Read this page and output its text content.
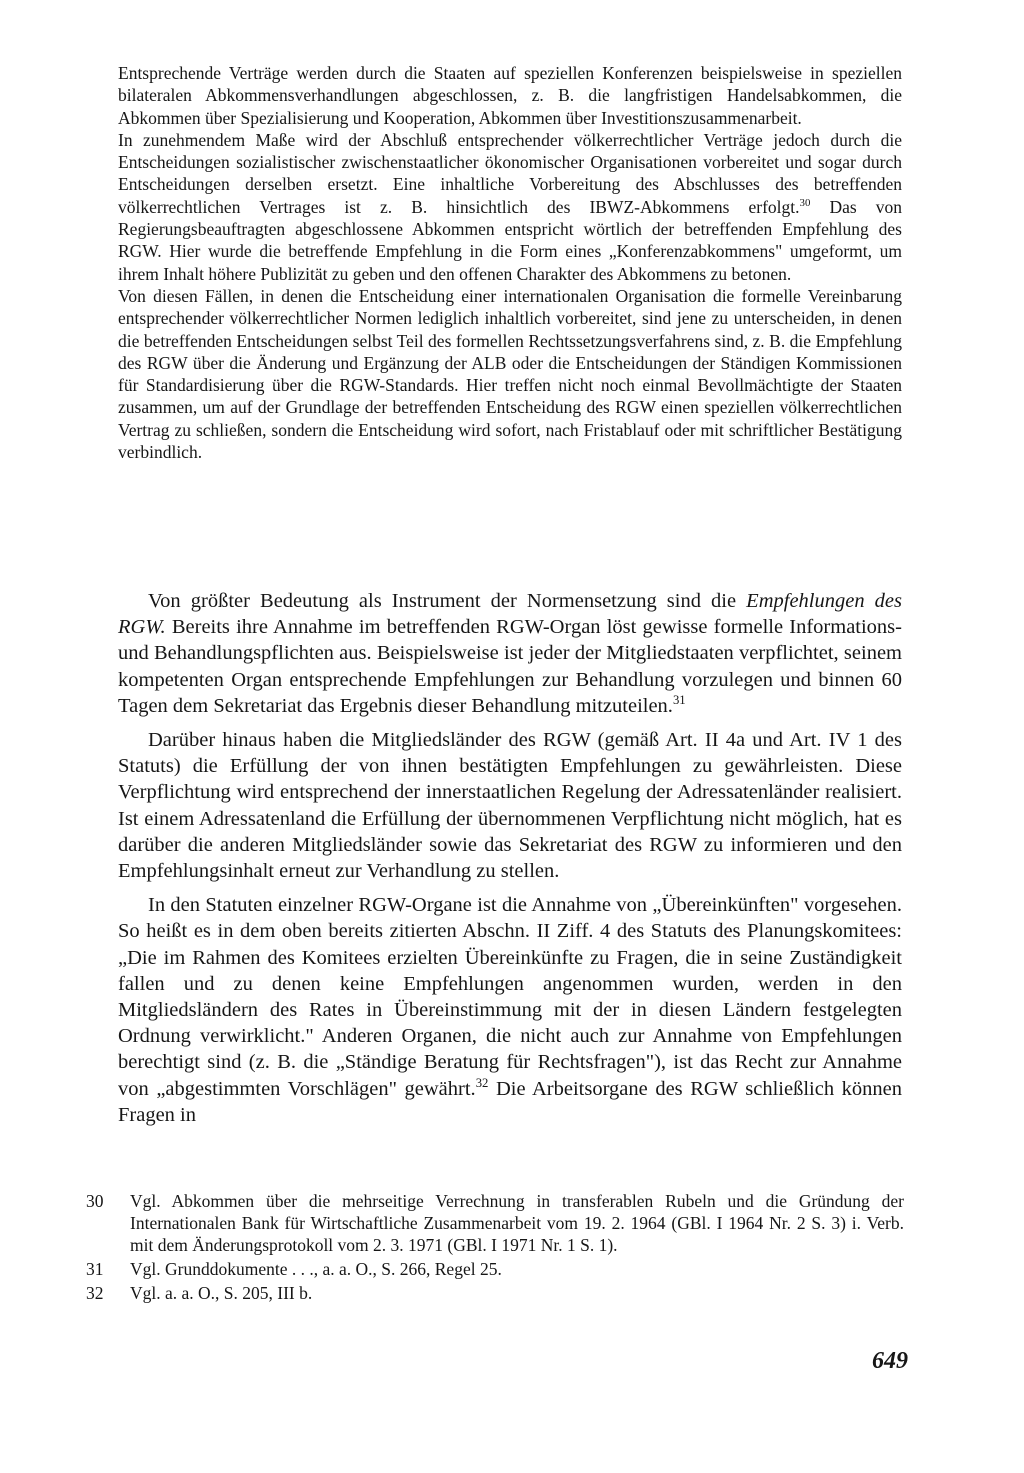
Entsprechende Verträge werden durch die Staaten auf speziellen Konferenzen beispielsweise in speziellen bilateralen Abkommensverhandlungen abgeschlossen, z. B. die langfristigen Handelsabkommen, die Abkommen über Spezialisierung und Kooperation, Abkommen über Investitionszusammenarbeit.

In zunehmendem Maße wird der Abschluß entsprechender völkerrechtlicher Verträge jedoch durch die Entscheidungen sozialistischer zwischenstaatlicher ökonomischer Organisationen vorbereitet und sogar durch Entscheidungen derselben ersetzt. Eine inhaltliche Vorbereitung des Abschlusses des betreffenden völkerrechtlichen Vertrages ist z. B. hinsichtlich des IBWZ-Abkommens erfolgt.$^{30}$ Das von Regierungsbeauftragten abgeschlossene Abkommen entspricht wörtlich der betreffenden Empfehlung des RGW. Hier wurde die betreffende Empfehlung in die Form eines „Konferenzabkommens" umgeformt, um ihrem Inhalt höhere Publizität zu geben und den offenen Charakter des Abkommens zu betonen.

Von diesen Fällen, in denen die Entscheidung einer internationalen Organisation die formelle Vereinbarung entsprechender völkerrechtlicher Normen lediglich inhaltlich vorbereitet, sind jene zu unterscheiden, in denen die betreffenden Entscheidungen selbst Teil des formellen Rechtssetzungsverfahrens sind, z. B. die Empfehlung des RGW über die Änderung und Ergänzung der ALB oder die Entscheidungen der Ständigen Kommissionen für Standardisierung über die RGW-Standards. Hier treffen nicht noch einmal Bevollmächtigte der Staaten zusammen, um auf der Grundlage der betreffenden Entscheidung des RGW einen speziellen völkerrechtlichen Vertrag zu schließen, sondern die Entscheidung wird sofort, nach Fristablauf oder mit schriftlicher Bestätigung verbindlich.

Von größter Bedeutung als Instrument der Normensetzung sind die Empfehlungen des RGW. Bereits ihre Annahme im betreffenden RGW-Organ löst gewisse formelle Informations- und Behandlungspflichten aus. Beispielsweise ist jeder der Mitgliedstaaten verpflichtet, seinem kompetenten Organ entsprechende Empfehlungen zur Behandlung vorzulegen und binnen 60 Tagen dem Sekretariat das Ergebnis dieser Behandlung mitzuteilen.$^{31}$

Darüber hinaus haben die Mitgliedsländer des RGW (gemäß Art. II 4a und Art. IV 1 des Statuts) die Erfüllung der von ihnen bestätigten Empfehlungen zu gewährleisten. Diese Verpflichtung wird entsprechend der innerstaatlichen Regelung der Adressatenländer realisiert. Ist einem Adressatenland die Erfüllung der übernommenen Verpflichtung nicht möglich, hat es darüber die anderen Mitgliedsländer sowie das Sekretariat des RGW zu informieren und den Empfehlungsinhalt erneut zur Verhandlung zu stellen.

In den Statuten einzelner RGW-Organe ist die Annahme von „Übereinkünften" vorgesehen. So heißt es in dem oben bereits zitierten Abschn. II Ziff. 4 des Statuts des Planungskomitees: „Die im Rahmen des Komitees erzielten Übereinkünfte zu Fragen, die in seine Zuständigkeit fallen und zu denen keine Empfehlungen angenommen wurden, werden in den Mitgliedsländern des Rates in Übereinstimmung mit der in diesen Ländern festgelegten Ordnung verwirklicht." Anderen Organen, die nicht auch zur Annahme von Empfehlungen berechtigt sind (z. B. die „Ständige Beratung für Rechtsfragen"), ist das Recht zur Annahme von „abgestimmten Vorschlägen" gewährt.$^{32}$ Die Arbeitsorgane des RGW schließlich können Fragen in

30	Vgl. Abkommen über die mehrseitige Verrechnung in transferablen Rubeln und die Gründung der Internationalen Bank für Wirtschaftliche Zusammenarbeit vom 19. 2. 1964 (GBl. I 1964 Nr. 2 S. 3) i. Verb. mit dem Änderungsprotokoll vom 2. 3. 1971 (GBl. I 1971 Nr. 1 S. 1).
31	Vgl. Grunddokumente . . ., a. a. O., S. 266, Regel 25.
32	Vgl. a. a. O., S. 205, III b.
649
